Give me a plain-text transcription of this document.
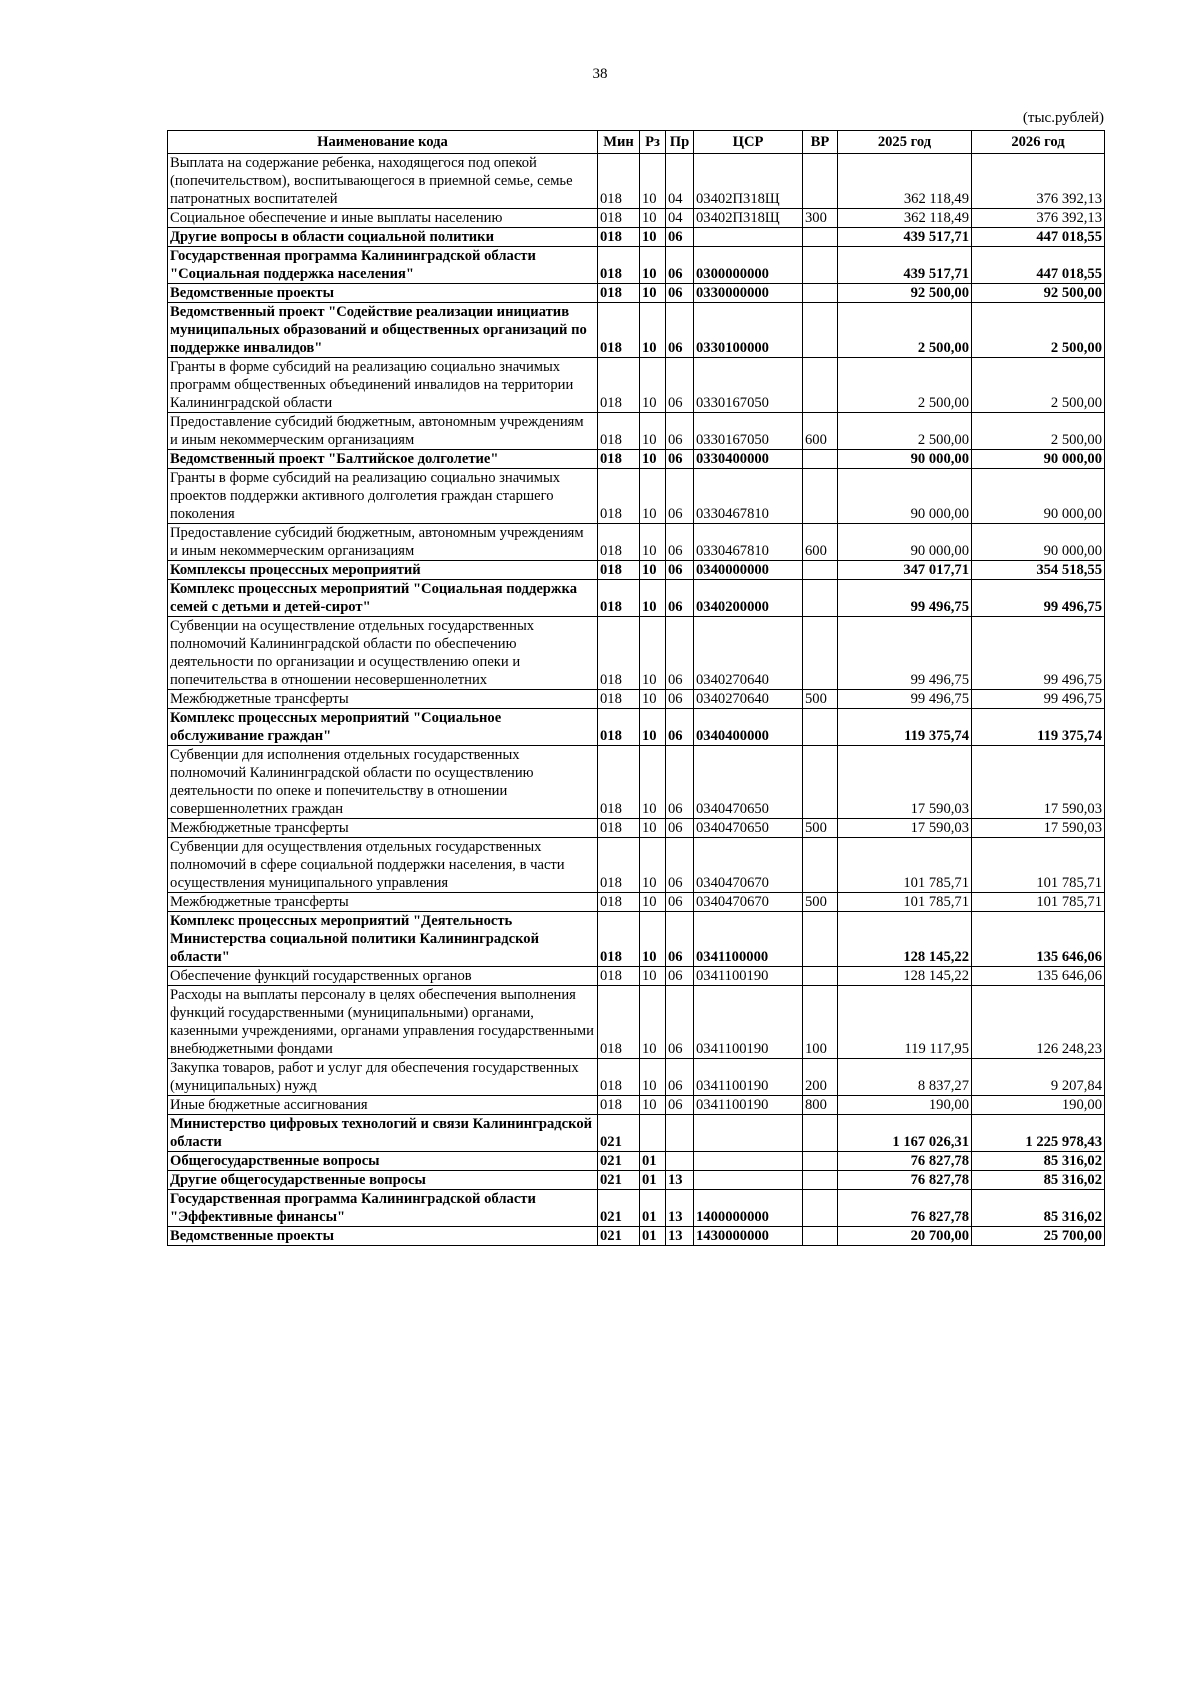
38
(тыс.рублей)
Наименование кода	Мин	Рз	Пр	ЦСР	ВР	2025 год	2026 год
Выплата на содержание ребенка, находящегося под опекой (попечительством), воспитывающегося в приемной семье, семье патронатных воспитателей	018	10	04	03402П318Щ		362 118,49	376 392,13
Социальное обеспечение и иные выплаты населению	018	10	04	03402П318Щ	300	362 118,49	376 392,13
Другие вопросы в области социальной политики	018	10	06			439 517,71	447 018,55
Государственная программа Калининградской области "Социальная поддержка населения"	018	10	06	0300000000		439 517,71	447 018,55
Ведомственные проекты	018	10	06	0330000000		92 500,00	92 500,00
Ведомственный проект "Содействие реализации инициатив муниципальных образований и общественных организаций по поддержке инвалидов"	018	10	06	0330100000		2 500,00	2 500,00
Гранты в форме субсидий на реализацию социально значимых программ общественных объединений инвалидов на территории Калининградской области	018	10	06	0330167050		2 500,00	2 500,00
Предоставление субсидий бюджетным, автономным учреждениям и иным некоммерческим организациям	018	10	06	0330167050	600	2 500,00	2 500,00
Ведомственный проект "Балтийское долголетие"	018	10	06	0330400000		90 000,00	90 000,00
Гранты в форме субсидий на реализацию социально значимых проектов поддержки активного долголетия граждан старшего поколения	018	10	06	0330467810		90 000,00	90 000,00
Предоставление субсидий бюджетным, автономным учреждениям и иным некоммерческим организациям	018	10	06	0330467810	600	90 000,00	90 000,00
Комплексы процессных мероприятий	018	10	06	0340000000		347 017,71	354 518,55
Комплекс процессных мероприятий "Социальная поддержка семей с детьми и детей-сирот"	018	10	06	0340200000		99 496,75	99 496,75
Субвенции на осуществление отдельных государственных полномочий Калининградской области по обеспечению деятельности по организации и осуществлению опеки и попечительства в отношении несовершеннолетних	018	10	06	0340270640		99 496,75	99 496,75
Межбюджетные трансферты	018	10	06	0340270640	500	99 496,75	99 496,75
Комплекс процессных мероприятий "Социальное обслуживание граждан"	018	10	06	0340400000		119 375,74	119 375,74
Субвенции для исполнения отдельных государственных полномочий Калининградской области по осуществлению деятельности по опеке и попечительству в отношении совершеннолетних граждан	018	10	06	0340470650		17 590,03	17 590,03
Межбюджетные трансферты	018	10	06	0340470650	500	17 590,03	17 590,03
Субвенции для осуществления отдельных государственных полномочий в сфере социальной поддержки населения, в части осуществления муниципального управления	018	10	06	0340470670		101 785,71	101 785,71
Межбюджетные трансферты	018	10	06	0340470670	500	101 785,71	101 785,71
Комплекс процессных мероприятий "Деятельность Министерства социальной политики Калининградской области"	018	10	06	0341100000		128 145,22	135 646,06
Обеспечение функций государственных органов	018	10	06	0341100190		128 145,22	135 646,06
Расходы на выплаты персоналу в целях обеспечения выполнения функций государственными (муниципальными) органами, казенными учреждениями, органами управления государственными внебюджетными фондами	018	10	06	0341100190	100	119 117,95	126 248,23
Закупка товаров, работ и услуг для обеспечения государственных (муниципальных) нужд	018	10	06	0341100190	200	8 837,27	9 207,84
Иные бюджетные ассигнования	018	10	06	0341100190	800	190,00	190,00
Министерство цифровых технологий и связи Калининградской области	021					1 167 026,31	1 225 978,43
Общегосударственные вопросы	021	01				76 827,78	85 316,02
Другие общегосударственные вопросы	021	01	13			76 827,78	85 316,02
Государственная программа Калининградской области "Эффективные финансы"	021	01	13	1400000000		76 827,78	85 316,02
Ведомственные проекты	021	01	13	1430000000		20 700,00	25 700,00
